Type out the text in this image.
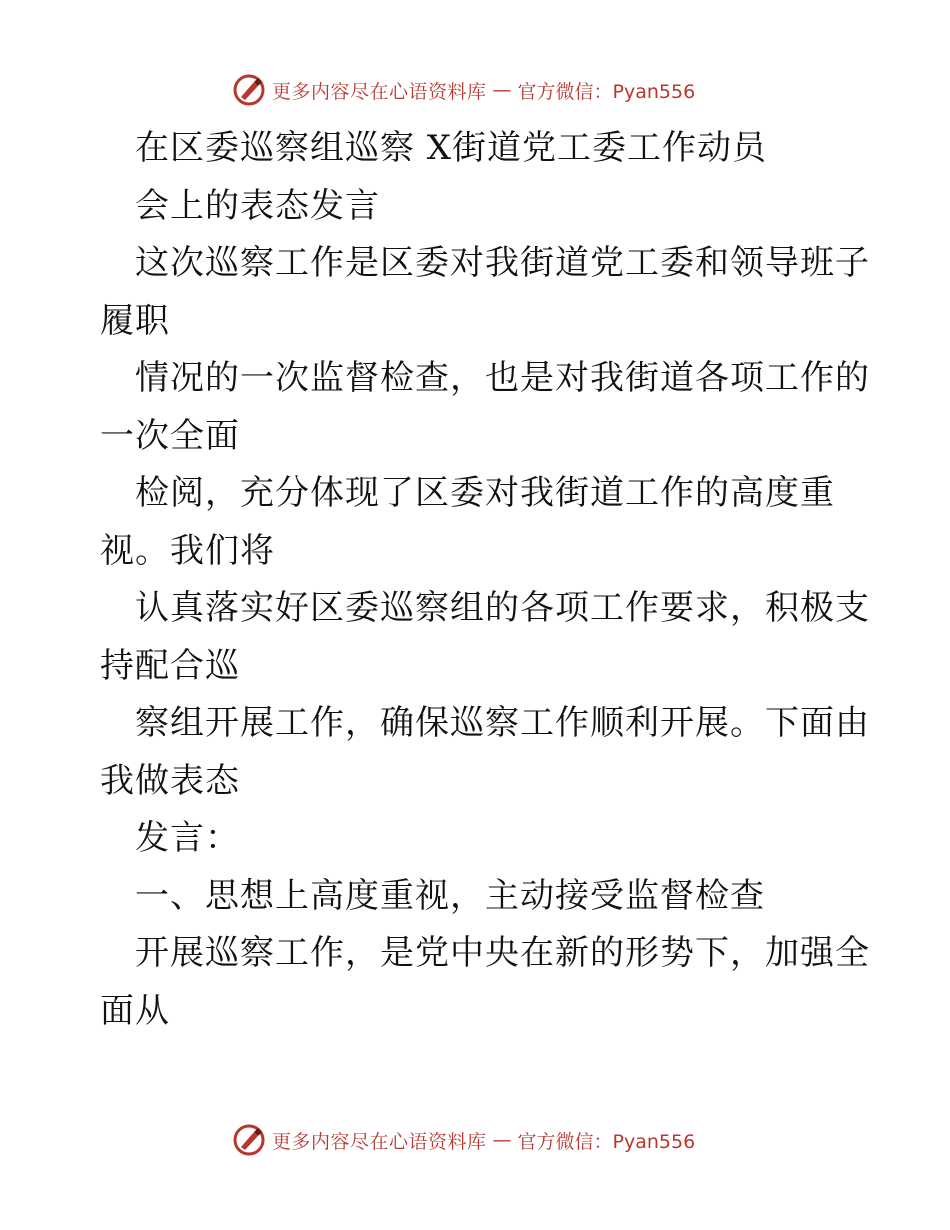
更多内容尽在心语资料库 — 官方微信：Pyan556
在区委巡察组巡察 X街道党工委工作动员
会上的表态发言
这次巡察工作是区委对我街道党工委和领导班子
履职
情况的一次监督检查，也是对我街道各项工作的
一次全面
检阅，充分体现了区委对我街道工作的高度重
视。我们将
认真落实好区委巡察组的各项工作要求，积极支
持配合巡
察组开展工作，确保巡察工作顺利开展。下面由
我做表态
发言：
一、思想上高度重视，主动接受监督检查
开展巡察工作，是党中央在新的形势下，加强全
面从
更多内容尽在心语资料库 — 官方微信：Pyan556
